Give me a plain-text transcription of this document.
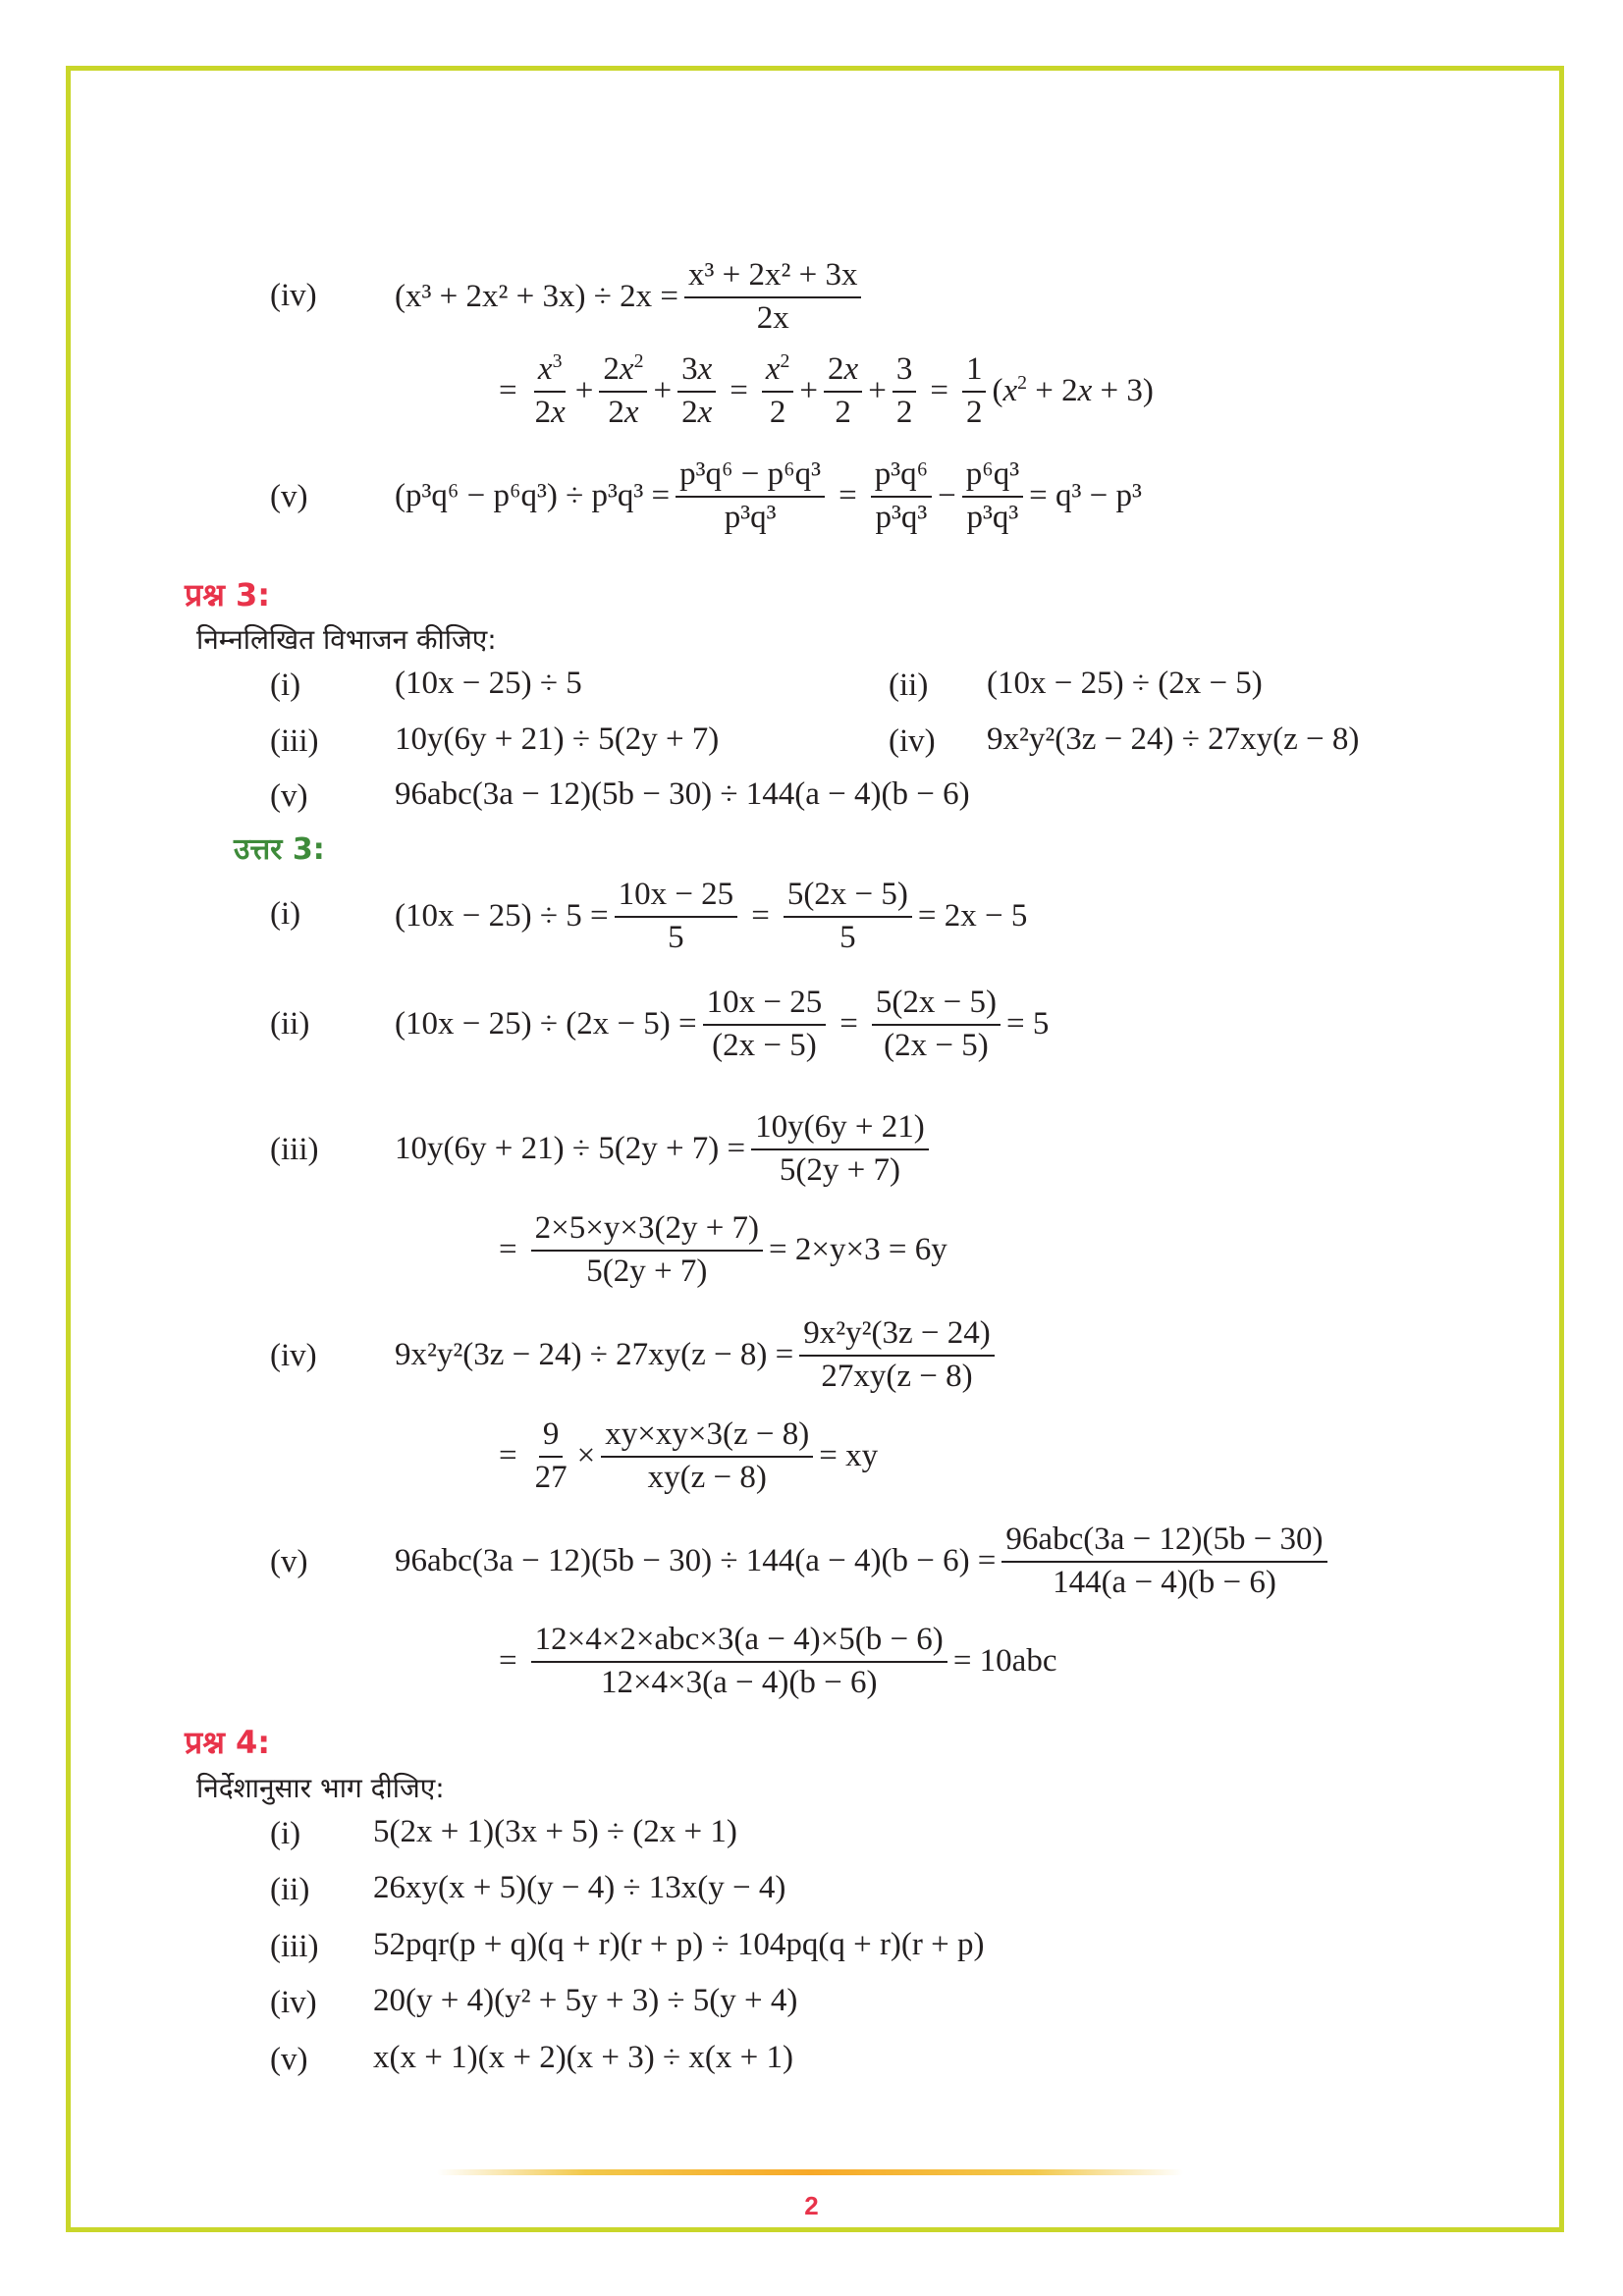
(iv) $(x^3 + 2x^2 + 3x) \div 2x = \frac{\text{x³ + 2x² + 3x}}{2x}$
= $\frac{x^3}{2x} + \frac{2x^2}{2x} + \frac{3x}{2x} = \frac{x^2}{2} + \frac{2x}{2} + \frac{3}{2} = \frac{1}{2} (x^2 + 2x + 3)$
(v)	$(p^3q^6 - p^6q^3) \div p^3q^3 = \frac{\text{p³q⁶ − p⁶q³}}{\text{p³q³}} = \frac{\text{p³q⁶}}{\text{p³q³}} - \frac{\text{p⁶q³}}{\text{p³q³}} = q^3 - p^3$
प्रश्न 3:
निम्नलिखित विभाजन कीजिए:
(i)	(10x − 25) ÷ 5	(ii) (10x − 25) ÷ (2x − 5)
(iii) 10y(6y + 21) ÷ 5(2y + 7)	(iv) 9x²y²(3z − 24) ÷ 27xy(z − 8)
(v)	96abc(3a − 12)(5b − 30) ÷ 144(a − 4)(b − 6)
उत्तर 3:
(i)	$(10x - 25) \div 5 = \frac{10x - 25}{5} = \frac{5(2x - 5)}{5} = 2x - 5$
(ii)	$(10x - 25) \div (2x - 5) = \frac{10x - 25}{(2x - 5)} = \frac{5(2x - 5)}{(2x - 5)} = 5$
(iii) $10y(6y + 21) \div 5(2y + 7) = \frac{10y(6y + 21)}{5(2y + 7)}$
= $\frac{2\times 5\times y\times 3(2y + 7)}{5(2y + 7)} = 2\times y\times 3 = 6y$
(iv) $9x^2y^2(3z - 24) \div 27xy(z - 8) = \frac{\text{9x²y²(3z − 24)}}{27xy(z - 8)}$
= $\frac{9}{27} \times \frac{xy\times xy\times 3(z - 8)}{xy(z - 8)}$ = xy
(v)	$96abc(3a - 12)(5b - 30) \div 144(a - 4)(b - 6) = \frac{\text{96abc(3a − 12)(5b − 30)}}{144(a - 4)(b - 6)}$
= $\frac{\text{12×4×2×abc×3(a − 4)×5(b − 6)}}{12\times 4\times 3(a - 4)(b - 6)} = 10abc$
प्रश्न 4:
निर्देशानुसार भाग दीजिए:
(i) 5(2x + 1)(3x + 5) ÷ (2x + 1)
(ii) 26xy(x + 5)(y − 4) ÷ 13x(y − 4)
(iii) 52pqr(p + q)(q + r)(r + p) ÷ 104pq(q + r)(r + p)
(iv) 20(y + 4)(y² + 5y + 3) ÷ 5(y + 4)
(v) x(x + 1)(x + 2)(x + 3) ÷ x(x + 1)
2
